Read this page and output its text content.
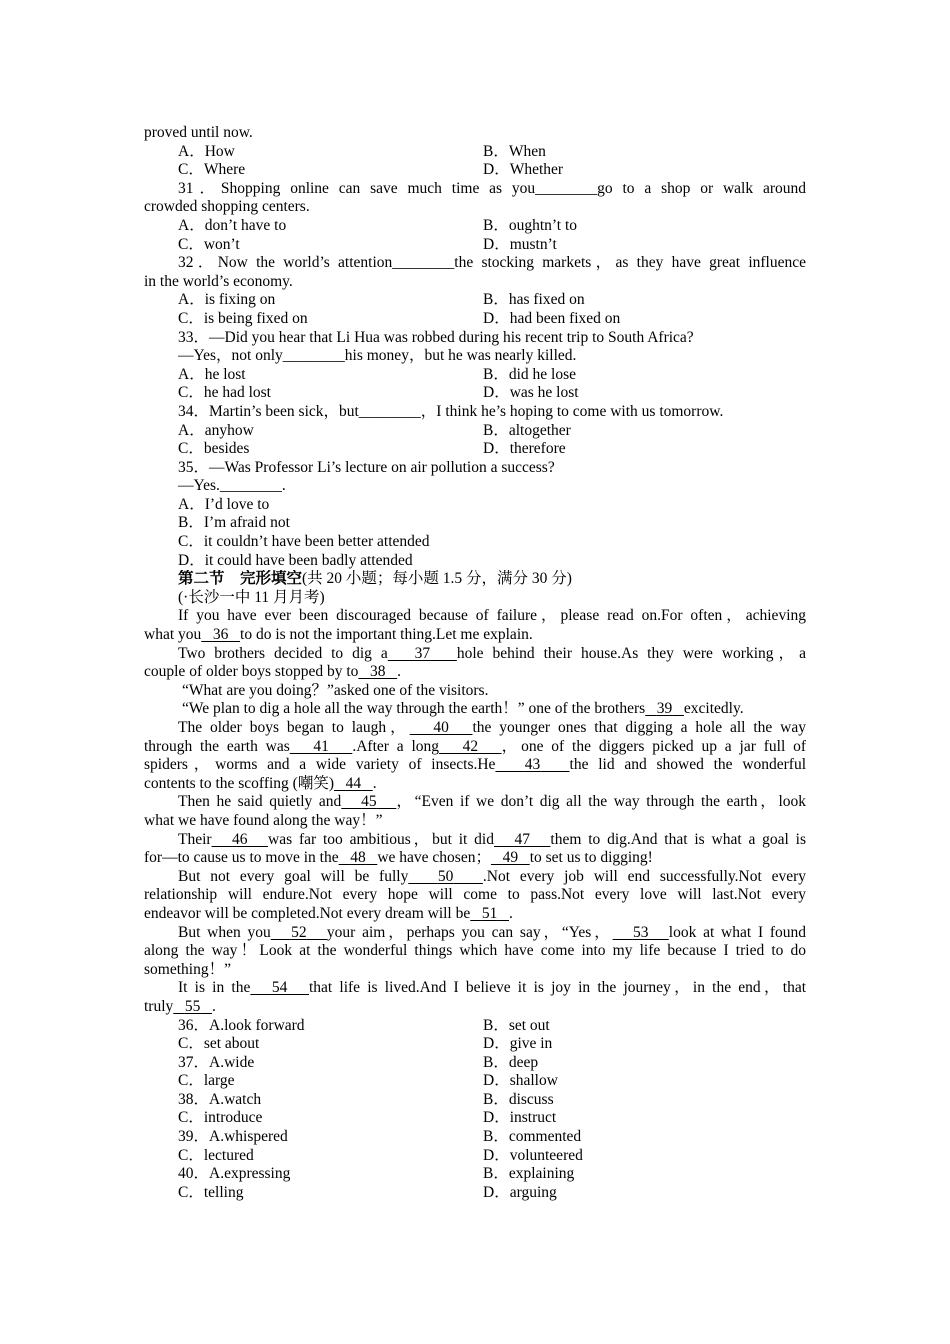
proved until now.
A．How	B．When
C．Where	D．Whether
31．Shopping online can save much time as you________go to a shop or walk around
crowded shopping centers.
A．don’t have to	B．oughtn’t to
C．won’t	D．mustn’t
32．Now the world’s attention________the stocking markets，as they have great influence
in the world’s economy.
A．is fixing on	B．has fixed on
C．is being fixed on	D．had been fixed on
33．—Did you hear that Li Hua was robbed during his recent trip to South Africa?
—Yes，not only________his money，but he was nearly killed.
A．he lost	B．did he lose
C．he had lost	D．was he lost
34．Martin’s been sick，but________，I think he’s hoping to come with us tomorrow.
A．anyhow	B．altogether
C．besides	D．therefore
35．—Was Professor Li’s lecture on air pollution a success?
—Yes.________.
A．I’d love to
B．I’m afraid not
C．it couldn’t have been better attended
D．it could have been badly attended
第二节　完形填空(共 20 小题；每小题 1.5 分，满分 30 分)
(·长沙一中 11 月月考)
If you have ever been discouraged because of failure，please read on.For often，achieving
what you 36 to do is not the important thing.Let me explain.
Two brothers decided to dig a 37 hole behind their house.As they were working，a
couple of older boys stopped by to 38 .
“What are you doing？”asked one of the visitors.
“We plan to dig a hole all the way through the earth！” one of the brothers 39 excitedly.
The older boys began to laugh， 40 the younger ones that digging a hole all the way
through the earth was 41 .After a long 42 ，one of the diggers picked up a jar full of
spiders，worms and a wide variety of insects.He 43 the lid and showed the wonderful
contents to the scoffing (嘲笑) 44 .
Then he said quietly and 45 ，“Even if we don’t dig all the way through the earth，look
what we have found along the way！”
Their 46 was far too ambitious，but it did 47 them to dig.And that is what a goal is
for—to cause us to move in the 48 we have chosen； 49 to set us to digging!
But not every goal will be fully 50 .Not every job will end successfully.Not every
relationship will endure.Not every hope will come to pass.Not every love will last.Not every
endeavor will be completed.Not every dream will be 51 .
But when you 52 your aim，perhaps you can say，“Yes， 53 look at what I found
along the way！Look at the wonderful things which have come into my life because I tried to do
something！”
It is in the 54 that life is lived.And I believe it is joy in the journey，in the end，that
truly 55 .
36．A.look forward	B．set out
C．set about	D．give in
37．A.wide	B．deep
C．large	D．shallow
38．A.watch	B．discuss
C．introduce	D．instruct
39．A.whispered	B．commented
C．lectured	D．volunteered
40．A.expressing	B．explaining
C．telling	D．arguing
